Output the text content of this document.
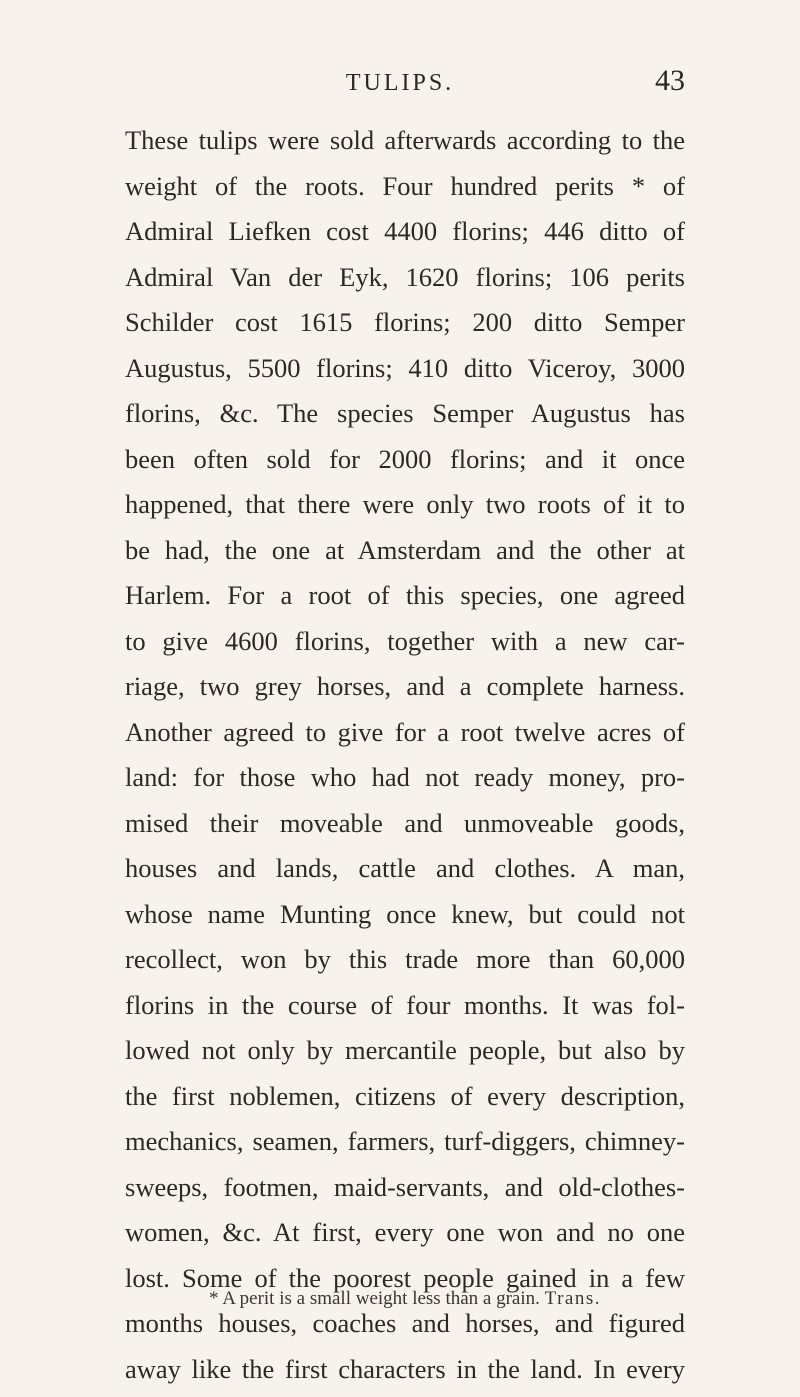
TULIPS.	43
These tulips were sold afterwards according to the
weight of the roots. Four hundred perits * of
Admiral Liefken cost 4400 florins; 446 ditto of
Admiral Van der Eyk, 1620 florins; 106 perits
Schilder cost 1615 florins; 200 ditto Semper
Augustus, 5500 florins; 410 ditto Viceroy, 3000
florins, &c. The species Semper Augustus has
been often sold for 2000 florins; and it once
happened, that there were only two roots of it to
be had, the one at Amsterdam and the other at
Harlem. For a root of this species, one agreed
to give 4600 florins, together with a new car-
riage, two grey horses, and a complete harness.
Another agreed to give for a root twelve acres of
land: for those who had not ready money, pro-
mised their moveable and unmoveable goods,
houses and lands, cattle and clothes. A man,
whose name Munting once knew, but could not
recollect, won by this trade more than 60,000
florins in the course of four months. It was fol-
lowed not only by mercantile people, but also by
the first noblemen, citizens of every description,
mechanics, seamen, farmers, turf-diggers, chimney-
sweeps, footmen, maid-servants, and old-clothes-
women, &c. At first, every one won and no one
lost. Some of the poorest people gained in a few
months houses, coaches and horses, and figured
away like the first characters in the land. In every
* A perit is a small weight less than a grain. Trans.
